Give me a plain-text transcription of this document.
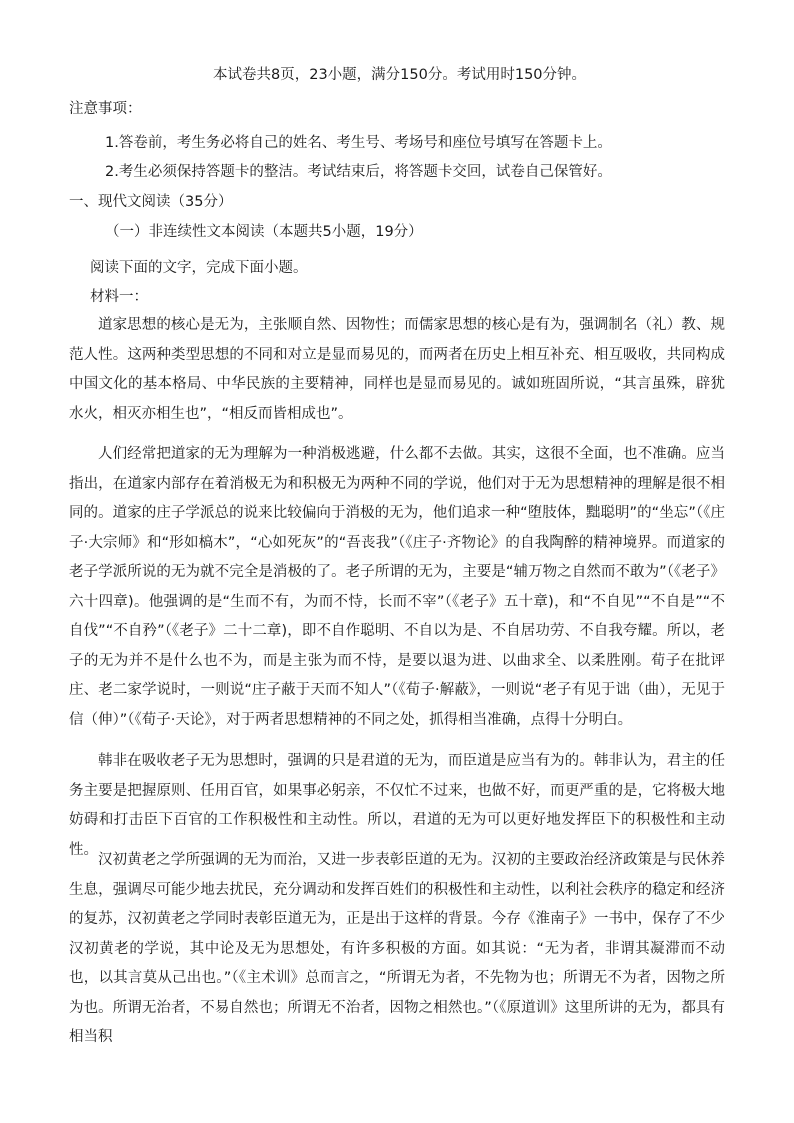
本试卷共8页，23小题，满分150分。考试用时150分钟。
注意事项：
1.答卷前，考生务必将自己的姓名、考生号、考场号和座位号填写在答题卡上。
2.考生必须保持答题卡的整洁。考试结束后，将答题卡交回，试卷自己保管好。
一、现代文阅读（35分）
（一）非连续性文本阅读（本题共5小题，19分）
阅读下面的文字，完成下面小题。
材料一：
道家思想的核心是无为，主张顺自然、因物性；而儒家思想的核心是有为，强调制名（礼）教、规范人性。这两种类型思想的不同和对立是显而易见的，而两者在历史上相互补充、相互吸收，共同构成中国文化的基本格局、中华民族的主要精神，同样也是显而易见的。诚如班固所说，“其言虽殊，辟犹水火，相灭亦相生也”，“相反而皆相成也”。
人们经常把道家的无为理解为一种消极逃避，什么都不去做。其实，这很不全面，也不准确。应当指出，在道家内部存在着消极无为和积极无为两种不同的学说，他们对于无为思想精神的理解是很不相同的。道家的庄子学派总的说来比较偏向于消极的无为，他们追求一种“堕肢体，黜聪明”的“坐忘”（《庄子·大宗师》和“形如槁木”，“心如死灰”的“吾丧我”（《庄子·齐物论》的自我陶醉的精神境界。而道家的老子学派所说的无为就不完全是消极的了。老子所谓的无为，主要是“辅万物之自然而不敢为”（《老子》六十四章)。他强调的是“生而不有，为而不恃，长而不宰”（《老子》五十章)，和“不自见”“不自是”“不自伐”“不自矜”（《老子》二十二章)，即不自作聪明、不自以为是、不自居功劳、不自我夸耀。所以，老子的无为并不是什么也不为，而是主张为而不恃，是要以退为进、以曲求全、以柔胜刚。荀子在批评庄、老二家学说时，一则说“庄子蔽于天而不知人”（《荀子·解蔽》，一则说“老子有见于诎（曲），无见于信（伸）”（《荀子·天论》，对于两者思想精神的不同之处，抓得相当准确，点得十分明白。
韩非在吸收老子无为思想时，强调的只是君道的无为，而臣道是应当有为的。韩非认为，君主的任务主要是把握原则、任用百官，如果事必躬亲，不仅忙不过来，也做不好，而更严重的是，它将极大地妨碍和打击臣下百官的工作积极性和主动性。所以，君道的无为可以更好地发挥臣下的积极性和主动性。
汉初黄老之学所强调的无为而治，又进一步表彰臣道的无为。汉初的主要政治经济政策是与民休养生息，强调尽可能少地去扰民，充分调动和发挥百姓们的积极性和主动性，以利社会秩序的稳定和经济的复苏，汉初黄老之学同时表彰臣道无为，正是出于这样的背景。今存《淮南子》一书中，保存了不少汉初黄老的学说，其中论及无为思想处，有许多积极的方面。如其说：“无为者，非谓其凝滞而不动也，以其言莫从己出也。”（《主术训》总而言之，“所谓无为者，不先物为也；所谓无不为者，因物之所为也。所谓无治者，不易自然也；所谓无不治者，因物之相然也。”（《原道训》这里所讲的无为，都具有相当积
